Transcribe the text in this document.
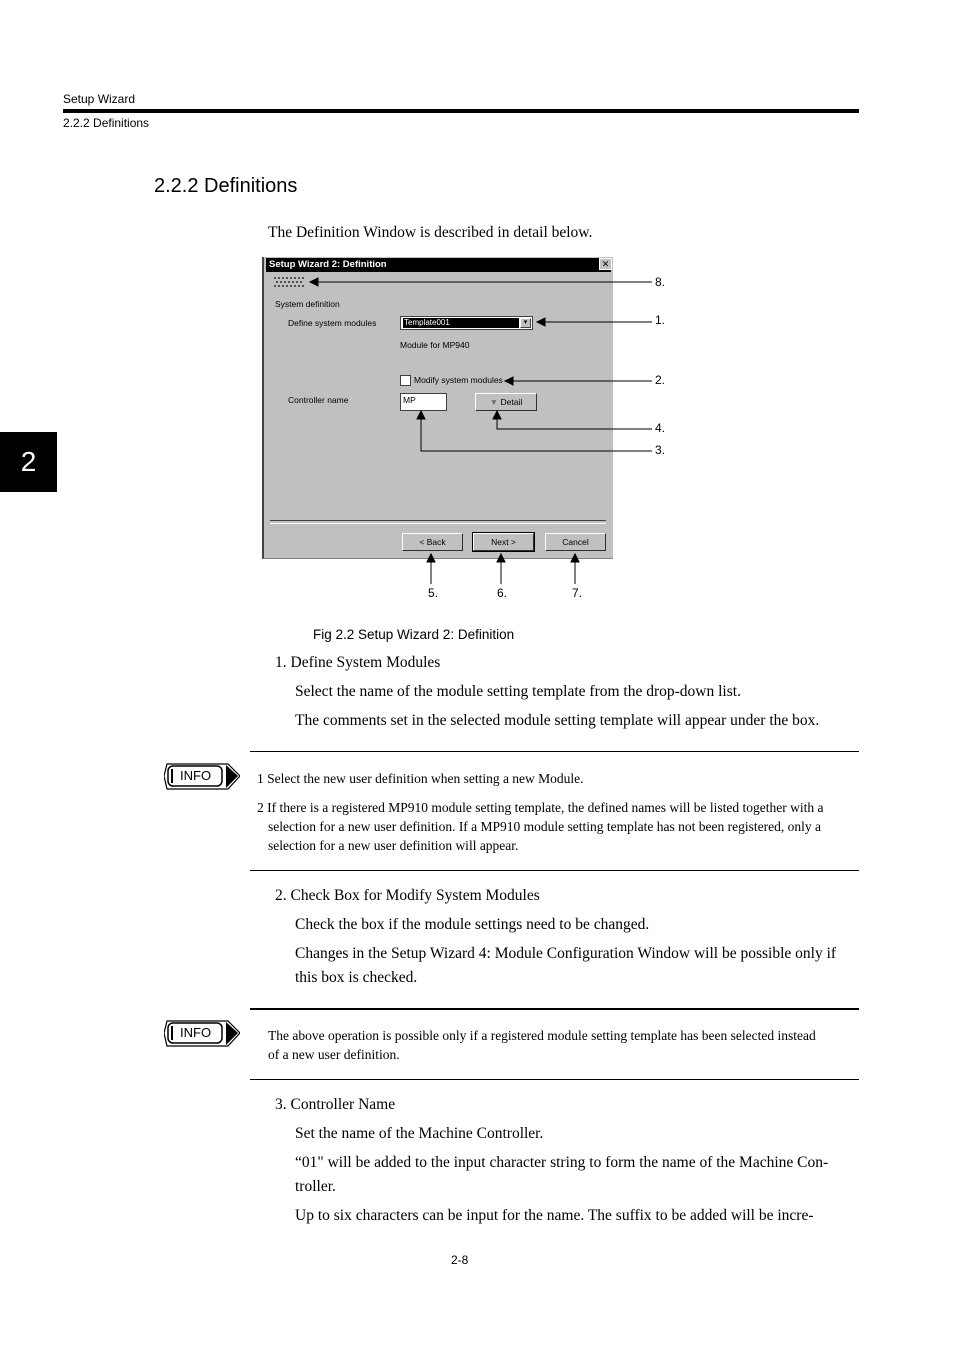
Setup Wizard
2.2.2 Definitions
2
2.2.2 Definitions
The Definition Window is described in detail below.
Setup Wizard 2: Definition	✕
System definition
Define system modules	Template001	▾
Module for MP940
Modify system modules
Controller name	MP	▼ Detail
< Back	Next >	Cancel
8.
1.
2.
4.
3.
5.	6.	7.
Fig 2.2 Setup Wizard 2: Definition
1. Define System Modules
Select the name of the module setting template from the drop-down list.
The comments set in the selected module setting template will appear under the box.
INFO	1 Select the new user definition when setting a new Module.
2 If there is a registered MP910 module setting template, the defined names will be listed together with a
selection for a new user definition. If a MP910 module setting template has not been registered, only a
selection for a new user definition will appear.
2. Check Box for Modify System Modules
Check the box if the module settings need to be changed.
Changes in the Setup Wizard 4: Module Configuration Window will be possible only if
this box is checked.
INFO	The above operation is possible only if a registered module setting template has been selected instead
of a new user definition.
3. Controller Name
Set the name of the Machine Controller.
“01" will be added to the input character string to form the name of the Machine Con-
troller.
Up to six characters can be input for the name. The suffix to be added will be incre-
2-8
